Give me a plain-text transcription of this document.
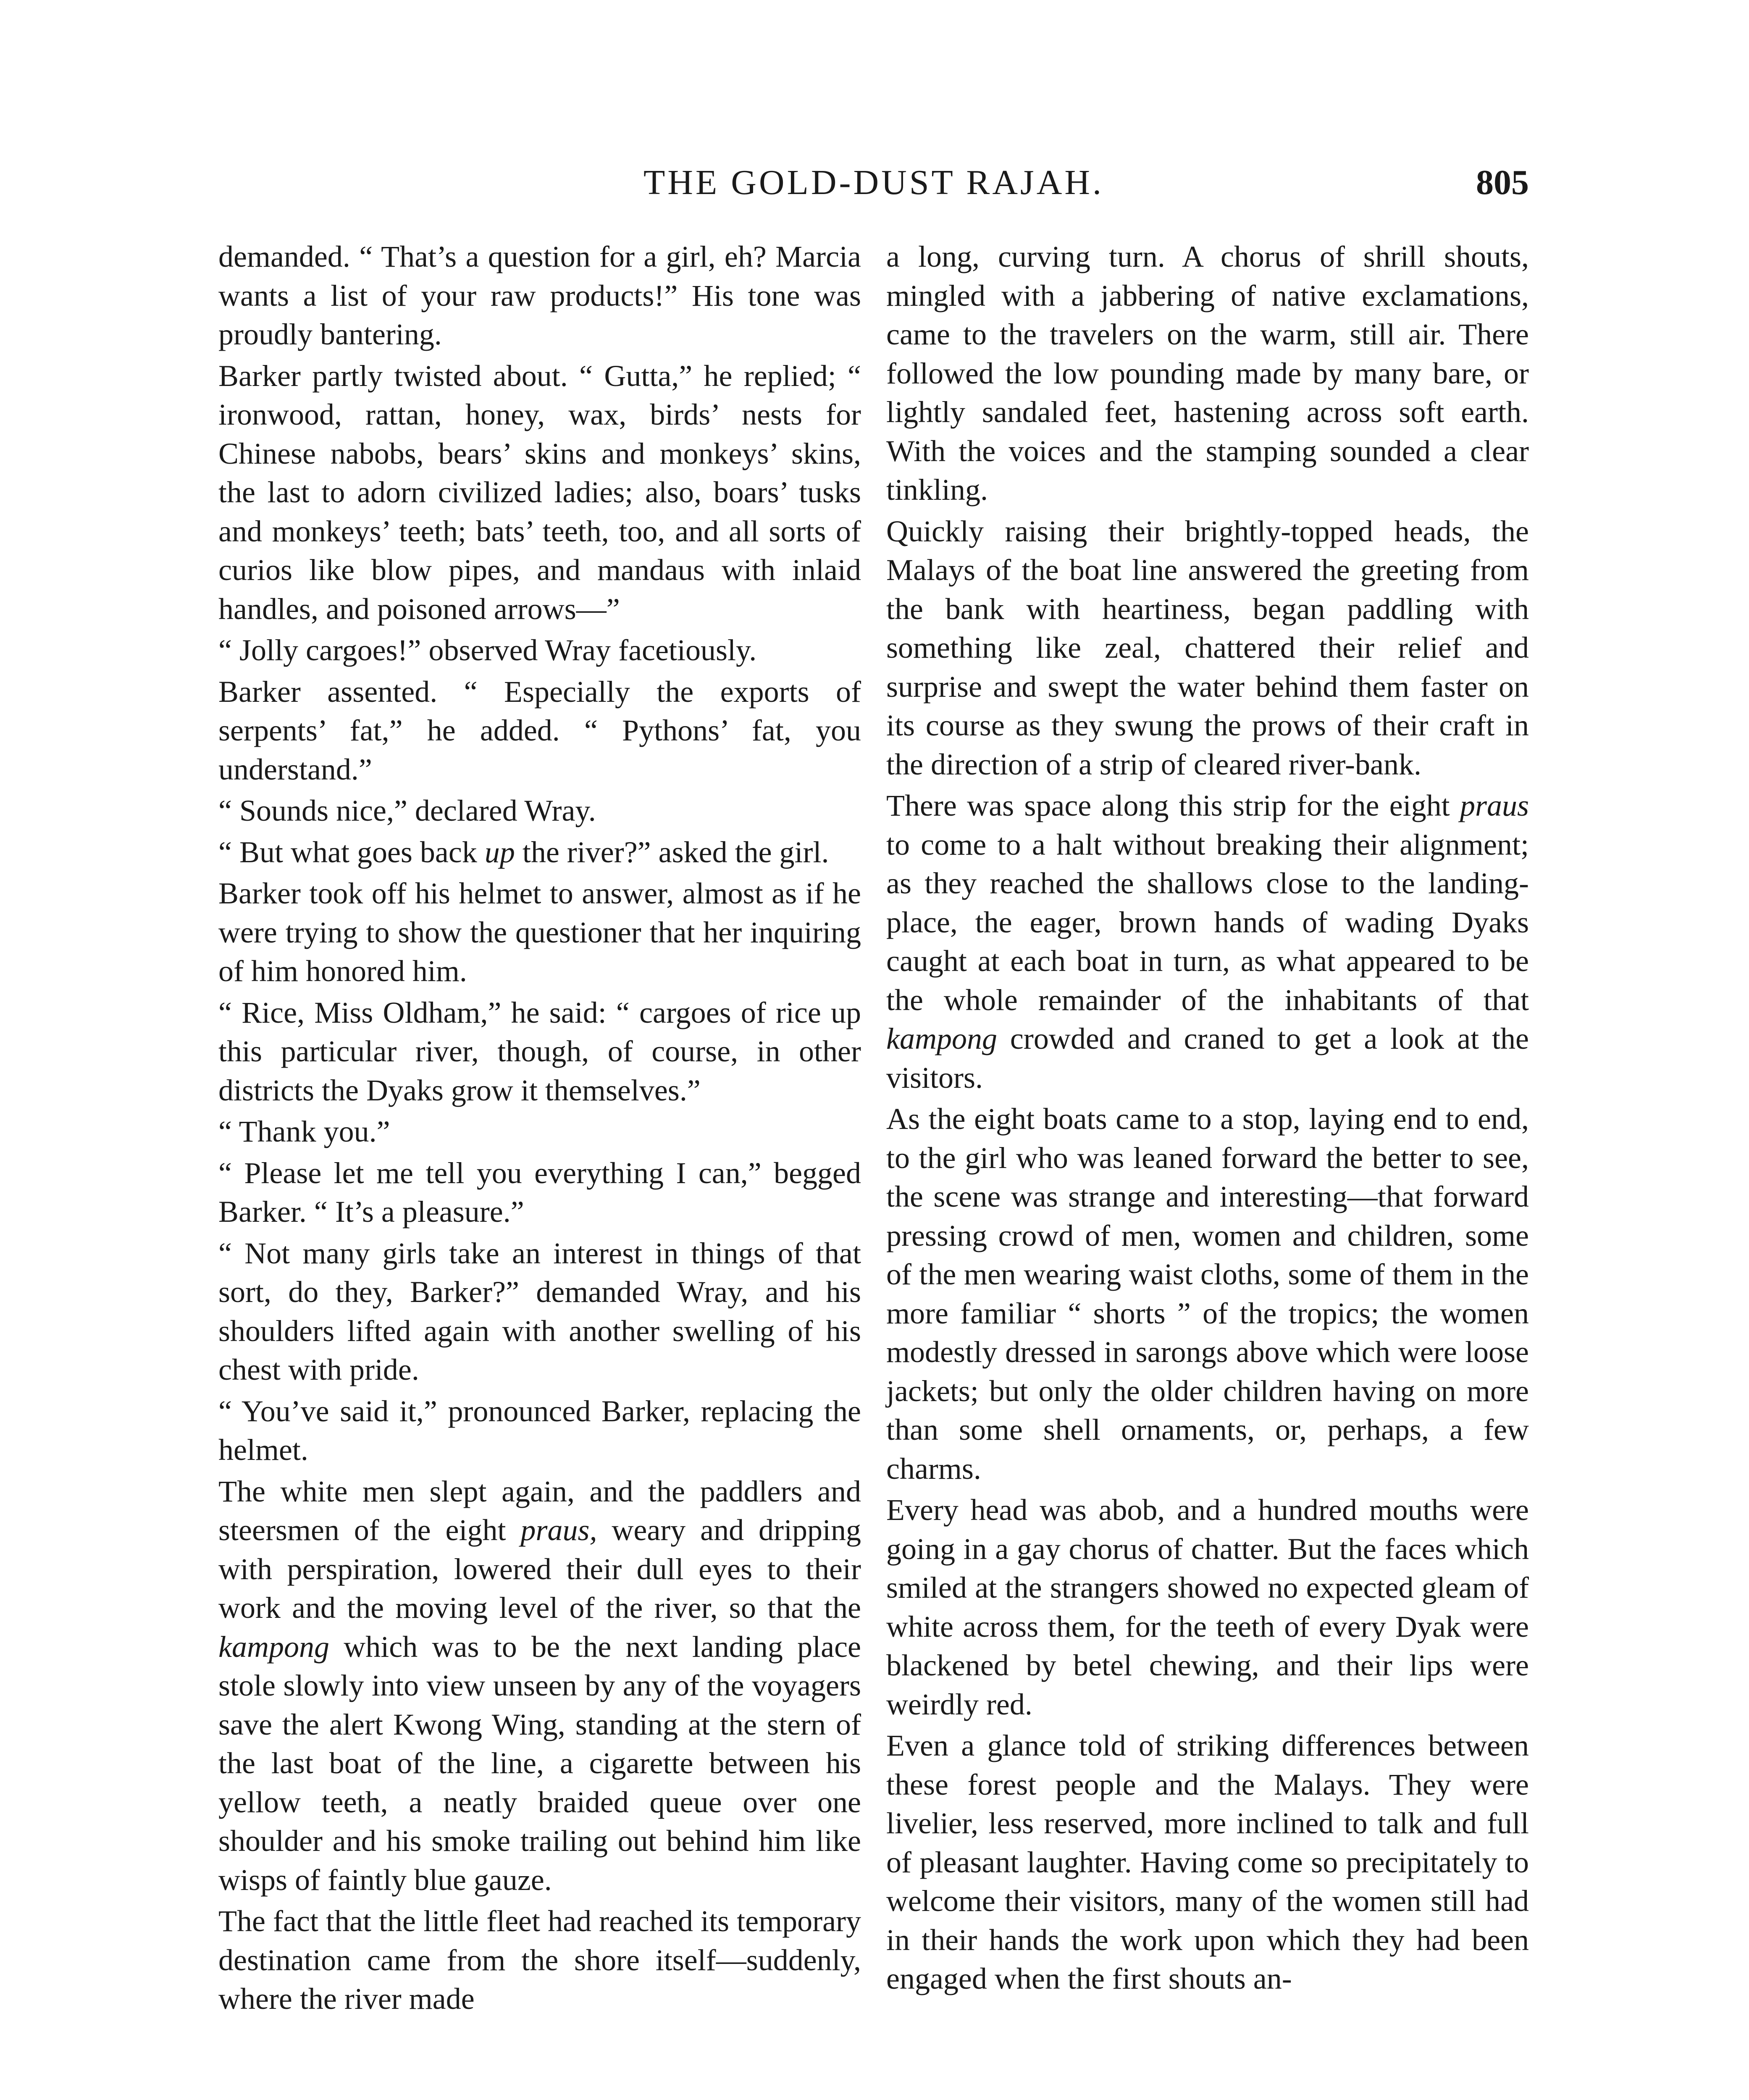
THE GOLD-DUST RAJAH.	805

demanded. “ That’s a question for a girl, eh? Marcia wants a list of your raw products!” His tone was proudly bantering.

Barker partly twisted about. “ Gutta,” he replied; “ ironwood, rattan, honey, wax, birds’ nests for Chinese nabobs, bears’ skins and monkeys’ skins, the last to adorn civilized ladies; also, boars’ tusks and monkeys’ teeth; bats’ teeth, too, and all sorts of curios like blow pipes, and mandaus with inlaid handles, and poisoned arrows—”

“ Jolly cargoes!” observed Wray facetiously.

Barker assented. “ Especially the exports of serpents’ fat,” he added. “ Pythons’ fat, you understand.”

“ Sounds nice,” declared Wray.

“ But what goes back up the river?” asked the girl.

Barker took off his helmet to answer, almost as if he were trying to show the questioner that her inquiring of him honored him.

“ Rice, Miss Oldham,” he said: “ cargoes of rice up this particular river, though, of course, in other districts the Dyaks grow it themselves.”

“ Thank you.”

“ Please let me tell you everything I can,” begged Barker. “ It’s a pleasure.”

“ Not many girls take an interest in things of that sort, do they, Barker?” demanded Wray, and his shoulders lifted again with another swelling of his chest with pride.

“ You’ve said it,” pronounced Barker, replacing the helmet.

The white men slept again, and the paddlers and steersmen of the eight praus, weary and dripping with perspiration, lowered their dull eyes to their work and the moving level of the river, so that the kampong which was to be the next landing place stole slowly into view unseen by any of the voyagers save the alert Kwong Wing, standing at the stern of the last boat of the line, a cigarette between his yellow teeth, a neatly braided queue over one shoulder and his smoke trailing out behind him like wisps of faintly blue gauze.

The fact that the little fleet had reached its temporary destination came from the shore itself—suddenly, where the river made

a long, curving turn. A chorus of shrill shouts, mingled with a jabbering of native exclamations, came to the travelers on the warm, still air. There followed the low pounding made by many bare, or lightly sandaled feet, hastening across soft earth. With the voices and the stamping sounded a clear tinkling.

Quickly raising their brightly-topped heads, the Malays of the boat line answered the greeting from the bank with heartiness, began paddling with something like zeal, chattered their relief and surprise and swept the water behind them faster on its course as they swung the prows of their craft in the direction of a strip of cleared river-bank.

There was space along this strip for the eight praus to come to a halt without breaking their alignment; as they reached the shallows close to the landing-place, the eager, brown hands of wading Dyaks caught at each boat in turn, as what appeared to be the whole remainder of the inhabitants of that kampong crowded and craned to get a look at the visitors.

As the eight boats came to a stop, laying end to end, to the girl who was leaned forward the better to see, the scene was strange and interesting—that forward pressing crowd of men, women and children, some of the men wearing waist cloths, some of them in the more familiar “ shorts ” of the tropics; the women modestly dressed in sarongs above which were loose jackets; but only the older children having on more than some shell ornaments, or, perhaps, a few charms.

Every head was abob, and a hundred mouths were going in a gay chorus of chatter. But the faces which smiled at the strangers showed no expected gleam of white across them, for the teeth of every Dyak were blackened by betel chewing, and their lips were weirdly red.

Even a glance told of striking differences between these forest people and the Malays. They were livelier, less reserved, more inclined to talk and full of pleasant laughter. Having come so precipitately to welcome their visitors, many of the women still had in their hands the work upon which they had been engaged when the first shouts an-
